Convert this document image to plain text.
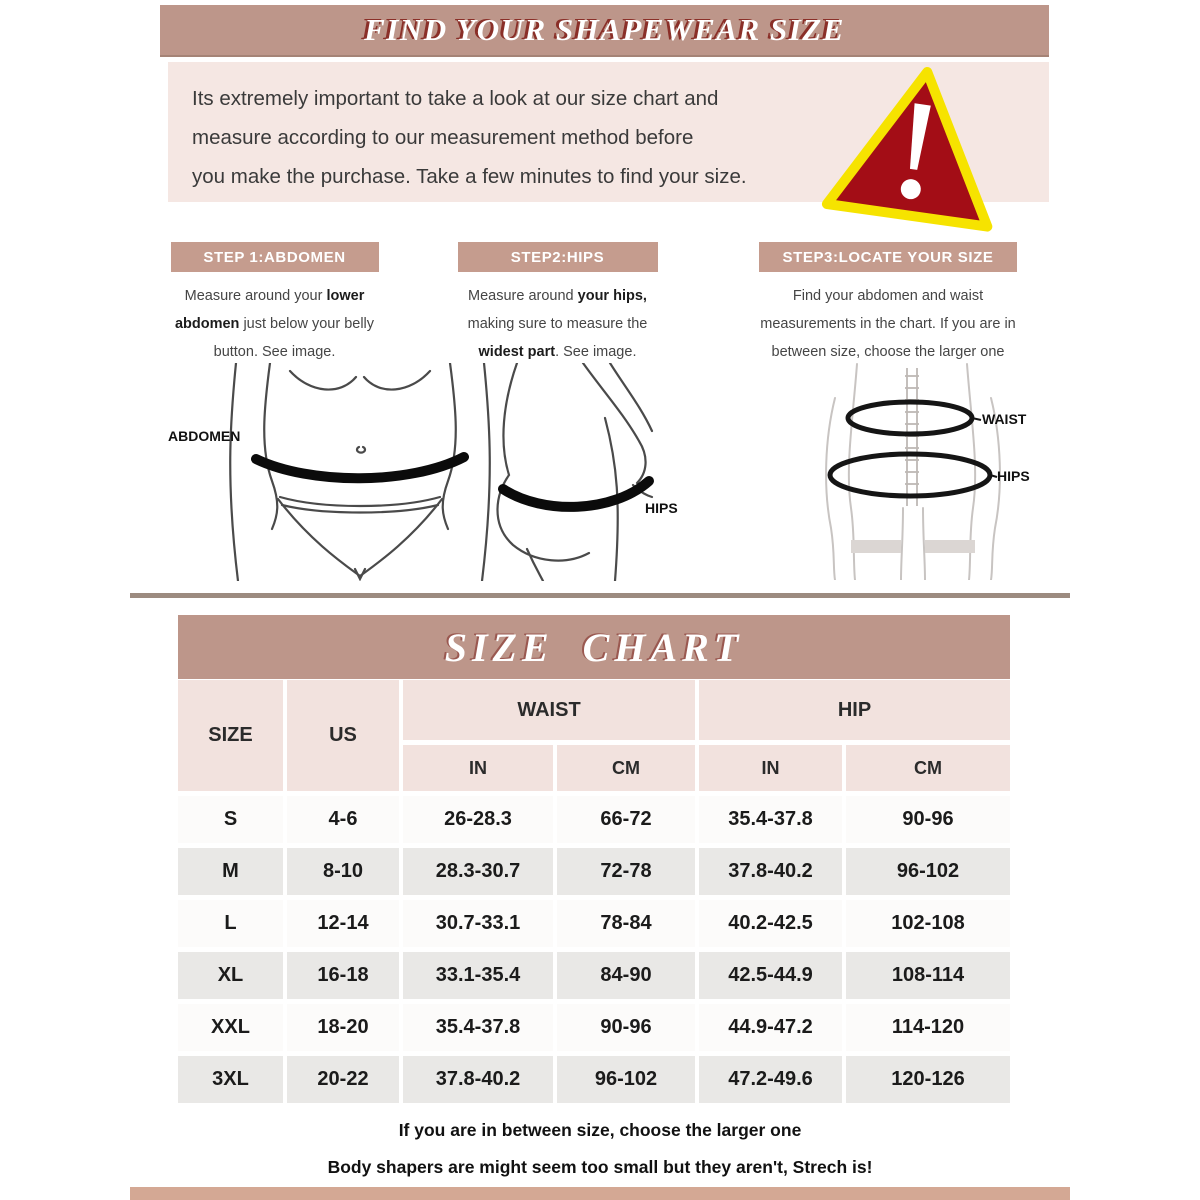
FIND YOUR SHAPEWEAR SIZE
Its extremely important to take a look at our size chart and
measure according to our measurement method before
you make the purchase. Take a few minutes to find your size.
STEP 1:ABDOMEN
Measure around your lower abdomen just below your belly button. See image.
STEP2:HIPS
Measure around your hips, making sure to measure the widest part. See image.
STEP3:LOCATE YOUR SIZE
Find your abdomen and waist measurements in the chart. If you are in between size, choose the larger one
ABDOMEN
HIPS
WAIST
HIPS
SIZE CHART
SIZE	US
WAIST	HIP
IN	CM	IN	CM
S	4-6	26-28.3	66-72	35.4-37.8	90-96
M	8-10	28.3-30.7	72-78	37.8-40.2	96-102
L	12-14	30.7-33.1	78-84	40.2-42.5	102-108
XL	16-18	33.1-35.4	84-90	42.5-44.9	108-114
XXL	18-20	35.4-37.8	90-96	44.9-47.2	114-120
3XL	20-22	37.8-40.2	96-102	47.2-49.6	120-126
If you are in between size, choose the larger one
Body shapers are might seem too small but they aren't, Strech is!
